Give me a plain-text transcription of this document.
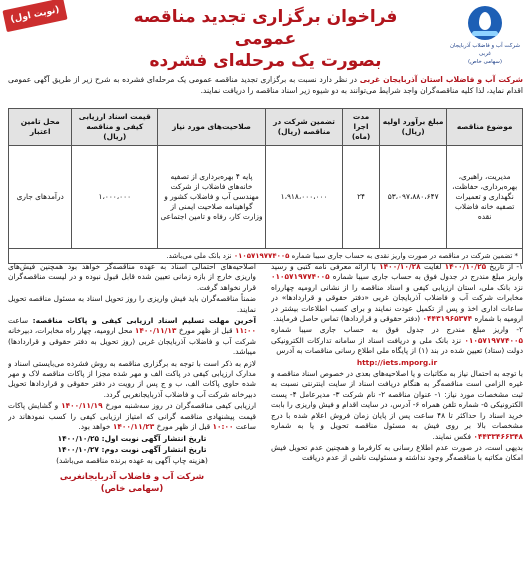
(نوبت اول)
شرکت آب و فاضلاب آذربایجان غربی
(سهامی خاص)
فراخوان برگزاری تجدید مناقصه عمومی
بصورت یک مرحله‌ای فشرده
شرکت آب و فاضلاب استان آذربایجان غربی در نظر دارد نسبت به برگزاری تجدید مناقصه عمومی یک مرحله‌ای فشرده به شرح زیر از طریق آگهی عمومی اقدام نماید، لذا کلیه مناقصه‌گران واجد شرایط می‌توانند به دو شیوه زیر اسناد مناقصه را دریافت نمایند.
موضوع مناقصه	مبلغ برآورد اولیه (ریال)	مدت اجرا (ماه)	تضمین شرکت در مناقصه (ریال)	صلاحیت‌های مورد نیاز	قیمت اسناد ارزیابی کیفی و مناقصه (ریال)	محل تامین اعتبار
مدیریت، راهبری، بهره‌برداری، حفاظت، نگهداری و تعمیرات تصفیه خانه فاضلاب نقده	۵۳،۰۹۷،۸۸۰،۶۴۷	۲۴	۱،۹۱۸،۰۰۰،۰۰۰	پایه ۴ بهره‌برداری از تصفیه خانه‌های فاضلاب از شرکت مهندسی آب و فاضلاب کشور و گواهینامه صلاحیت ایمنی از وزارت کار، رفاه و تامین اجتماعی	۱،۰۰۰،۰۰۰	درآمدهای جاری
* تضمین شرکت در مناقصه در صورت واریز نقدی به حساب جاری سیبا شماره ۰۱۰۵۷۱۹۷۷۴۰۰۵ نزد بانک ملی می‌باشد.						

۱- از تاریخ ۱۴۰۰/۱۰/۲۵ لغایت ۱۴۰۰/۱۰/۲۸ با ارائه معرفی نامه کتبی و رسید واریز مبلغ مندرج در جدول فوق به حساب جاری سیبا شماره ۰۱۰۵۷۱۹۷۷۴۰۰۵ نزد بانک ملی، استان ارزیابی کیفی و اسناد مناقصه را از نشانی ارومیه چهارراه مخابرات شرکت آب و فاضلاب آذربایجان غربی «دفتر حقوقی و قراردادها» در ساعات اداری اخذ و پس از تکمیل عودت نمایند و برای کسب اطلاعات بیشتر در ارومیه با شماره ۰۴۴۳۱۹۶۵۳۷۴ (دفتر حقوقی و قراردادها) تماس حاصل فرمایند.

۲- واریز مبلغ مندرج در جدول فوق به حساب جاری سیبا شماره ۰۱۰۵۷۱۹۷۷۴۰۰۵ نزد بانک ملی و دریافت اسناد از سامانه تدارکات الکترونیکی دولت (ستاد) تعیین شده در بند (۱) از پایگاه ملی اطلاع رسانی مناقصات به آدرس

http://iets.mporg.ir

با توجه به احتمال نیاز به مکاتبات و یا اصلاحیه‌های بعدی در خصوص اسناد مناقصه و غیره الزامی است مناقصه‌گر به هنگام دریافت اسناد از سایت اینترنتی نسبت به ثبت مشخصات مورد نیاز: ۱- عنوان مناقصه ۲- نام شرکت ۳- مدیرعامل ۴- پست الکترونیکی ۵- شماره تلفن همراه ۶- آدرس، در سایت اقدام و فیش واریزی را بابت خرید اسناد را حداکثر تا ۴۸ ساعت پس از پایان زمان فروش اعلام شده با درج مشخصات بالا بر روی فیش به مسئول مناقصه تحویل و یا به شماره ۰۴۴۳۳۴۶۶۳۴۸ فکس نمایند.

بدیهی است، در صورت عدم اطلاع رسانی به کارفرما و همچنین عدم تحویل فیش امکان مکاتبه با مناقصه‌گر وجود نداشته و مسئولیت ناشی از عدم دریافت

اصلاحیه‌های احتمالی اسناد به عهده مناقصه‌گر خواهد بود همچنین فیش‌های واریزی خارج از بازه زمانی تعیین شده قابل قبول نبوده و در لیست مناقصه‌گران قرار نخواهد گرفت.

ضمناً مناقصه‌گران باید فیش واریزی را روز تحویل اسناد به مسئول مناقصه تحویل نمایند.

آخرین مهلت تسلیم اسناد ارزیابی کیفی و پاکات مناقصه: ساعت ۱۱:۰۰ قبل از ظهر مورخ ۱۴۰۰/۱۱/۱۳ محل ارومیه، چهار راه مخابرات، دبیرخانه شرکت آب و فاضلاب آذربایجان غربی (روز تحویل به دفتر حقوقی و قراردادها) میباشد.

لازم به ذکر است با توجه به برگزاری مناقصه به روش فشرده می‌بایستی اسناد و مدارک ارزیابی کیفی در پاکت الف و مهر شده مجزا از پاکات مناقصه لاک و مهر شده حاوی پاکات الف، ب و ج پس از رویت در دفتر حقوقی و قراردادها تحویل دبیرخانه شرکت آب و فاضلاب آذربایجانغربی گردد.

ارزیابی کیفی مناقصه‌گران در روز سه‌شنبه مورخ ۱۴۰۰/۱۱/۱۹ و گشایش پاکات قیمت پیشنهادی مناقصه گرانی که امتیاز ارزیابی کیفی را کسب نمودهاند در ساعت ۱۰:۰۰ قبل از ظهر مورخ ۱۴۰۰/۱۱/۲۳ خواهد بود.

تاریخ انتشار آگهی نوبت اول: ۱۴۰۰/۱۰/۲۵

تاریخ انتشار آگهی نوبت دوم: ۱۴۰۰/۱۰/۲۷

(هزینه چاپ آگهی به عهده برنده مناقصه می‌باشد)

شرکت آب و فاضلاب آذربایجانغربی
(سهامی خاص)
